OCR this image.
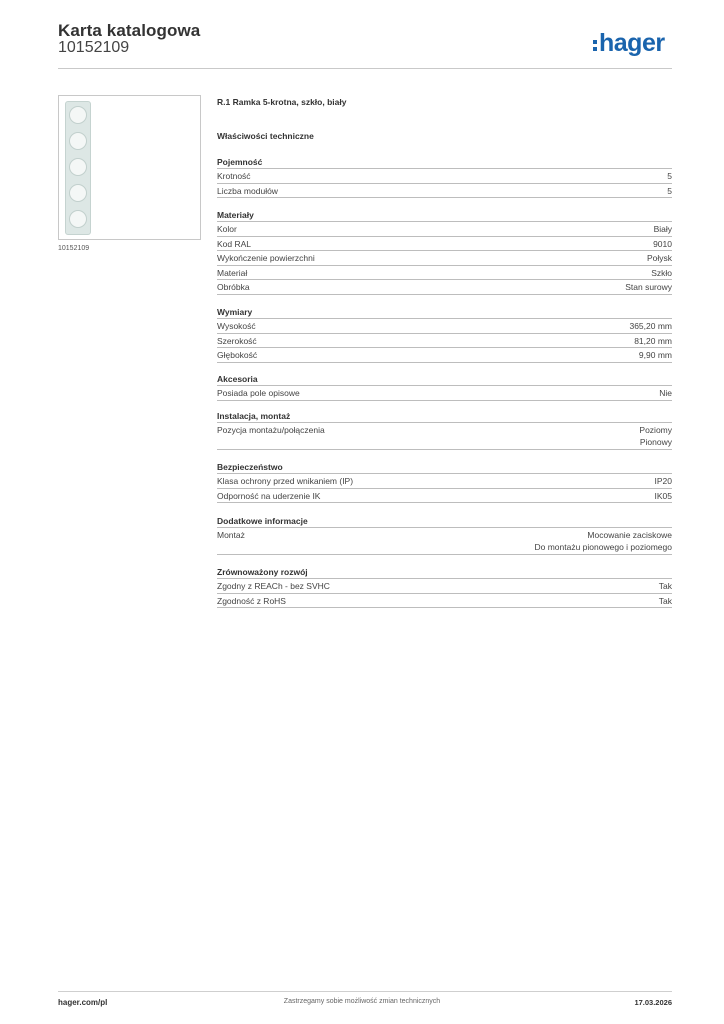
Karta katalogowa
10152109	hager
10152109
R.1 Ramka 5-krotna, szkło, biały
Właściwości techniczne
Pojemność
Krotność	5
Liczba modułów	5
Materiały
Kolor	Biały
Kod RAL	9010
Wykończenie powierzchni	Połysk
Materiał	Szkło
Obróbka	Stan surowy
Wymiary
Wysokość	365,20 mm
Szerokość	81,20 mm
Głębokość	9,90 mm
Akcesoria
Posiada pole opisowe	Nie
Instalacja, montaż
Pozycja montażu/połączenia	Poziomy
Pionowy
Bezpieczeństwo
Klasa ochrony przed wnikaniem (IP)	IP20
Odporność na uderzenie IK	IK05
Dodatkowe informacje
Montaż	Mocowanie zaciskowe
Do montażu pionowego i poziomego
Zrównoważony rozwój
Zgodny z REACh - bez SVHC	Tak
Zgodność z RoHS	Tak
hager.com/pl	Zastrzegamy sobie możliwość zmian technicznych	17.03.2026
